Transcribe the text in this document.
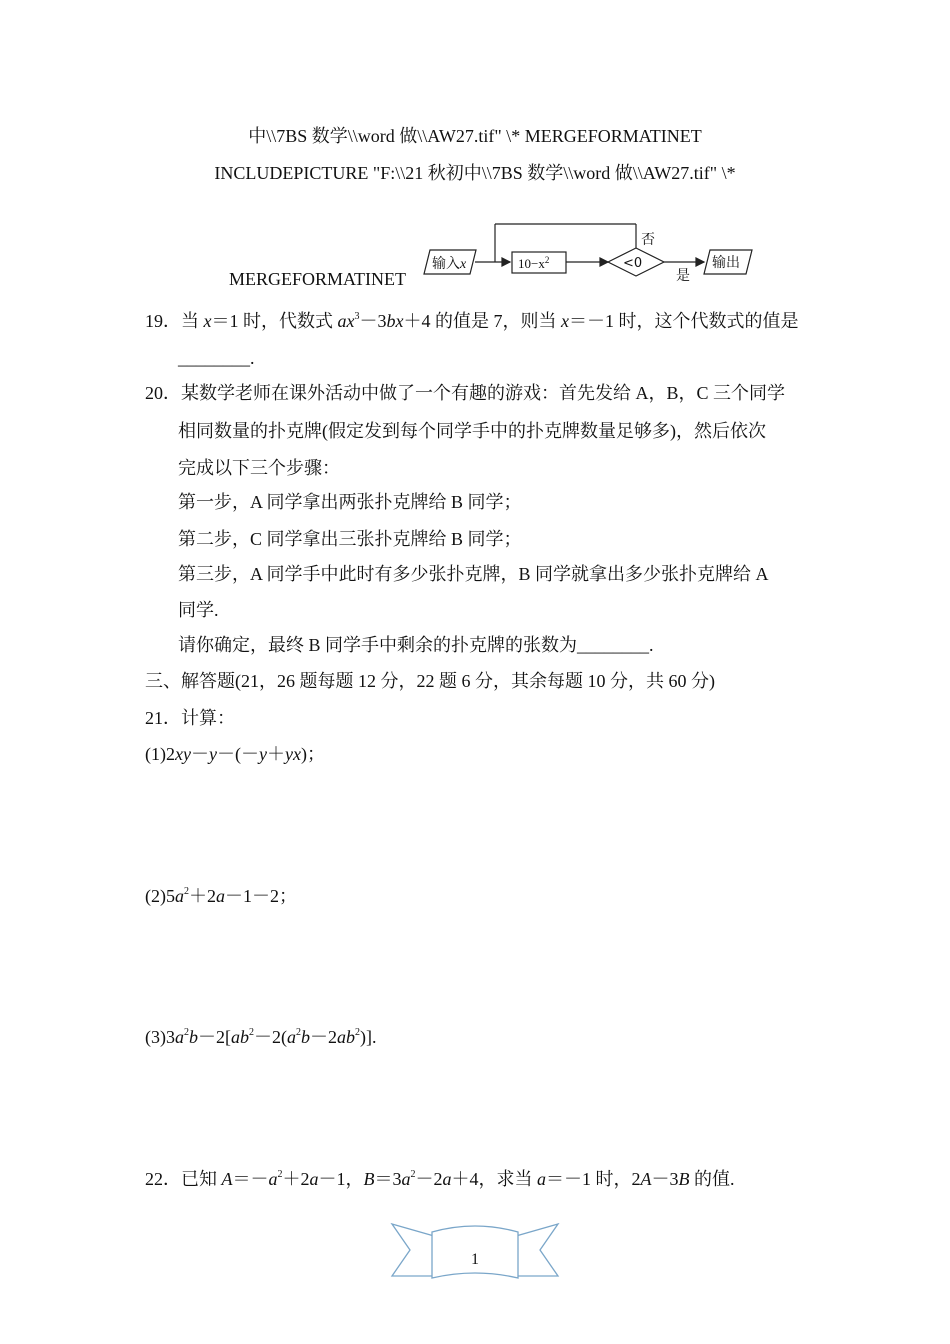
中\\7BS 数学\\word 做\\AW27.tif" \* MERGEFORMATINET
INCLUDEPICTURE "F:\\21 秋初中\\7BS 数学\\word 做\\AW27.tif" \*
MERGEFORMATINET
输入x	$10-x^2$	<0
否
是
输出
19．当 x＝1 时，代数式 $ax^3-3bx+4$ 的值是 7，则当 x＝－1 时，这个代数式的值是
________.
20．某数学老师在课外活动中做了一个有趣的游戏：首先发给 A，B，C 三个同学
相同数量的扑克牌(假定发到每个同学手中的扑克牌数量足够多)，然后依次
完成以下三个步骤：
第一步，A 同学拿出两张扑克牌给 B 同学；
第二步，C 同学拿出三张扑克牌给 B 同学；
第三步，A 同学手中此时有多少张扑克牌，B 同学就拿出多少张扑克牌给 A
同学.
请你确定，最终 B 同学手中剩余的扑克牌的张数为________.
三、解答题(21，26 题每题 12 分，22 题 6 分，其余每题 10 分，共 60 分)
21．计算：
(1)2xy－y－(－y＋yx)；
$(2)5a^2+2a-1-2$；
$(3)3a^2b-2[ab^2-2(a^2b-2ab^2)]$.
22．已知 $A=-a^2+2a-1$，$B=3a^2-2a+4$，求当 a＝－1 时，2A－3B 的值.
1
